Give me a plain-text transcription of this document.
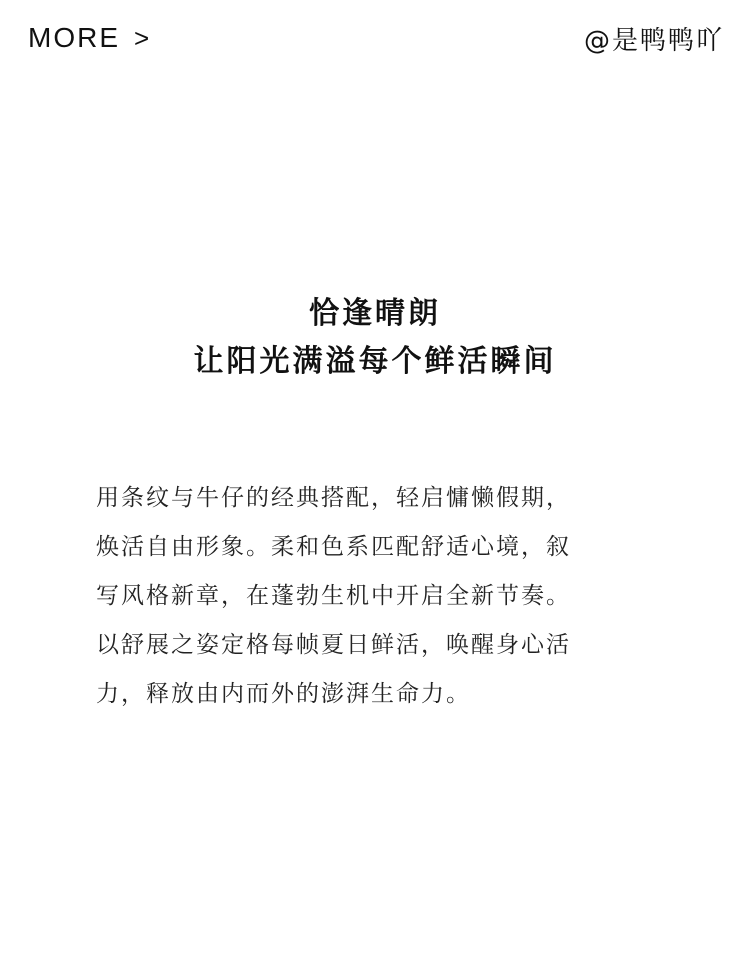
MORE >	@是鸭鸭吖
恰逢晴朗
让阳光满溢每个鲜活瞬间
用条纹与牛仔的经典搭配，轻启慵懒假期，
焕活自由形象。柔和色系匹配舒适心境，叙
写风格新章，在蓬勃生机中开启全新节奏。
以舒展之姿定格每帧夏日鲜活，唤醒身心活
力，释放由内而外的澎湃生命力。
